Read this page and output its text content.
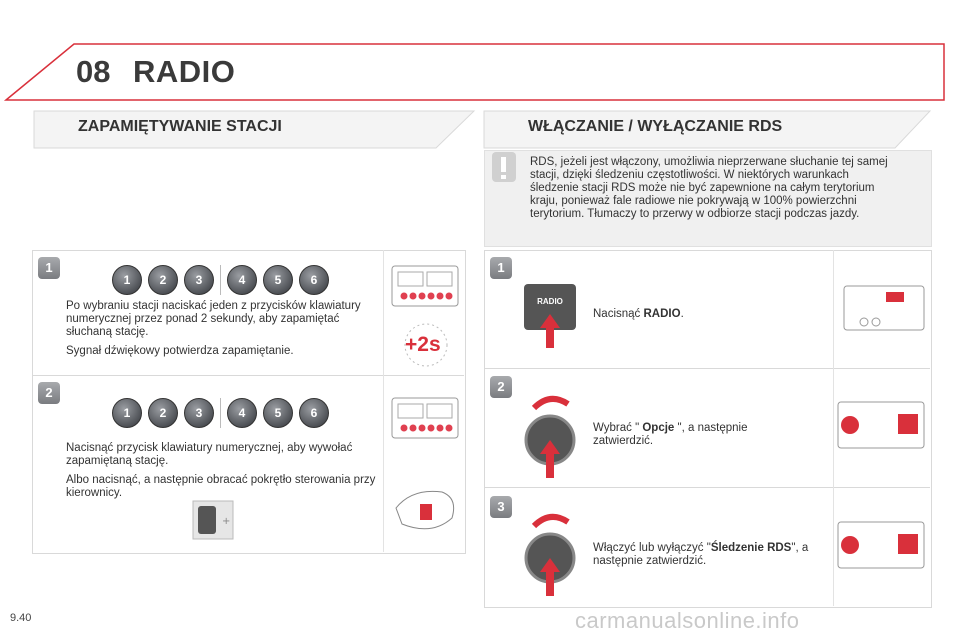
08 RADIO
ZAPAMIĘTYWANIE STACJI	WŁĄCZANIE / WYŁĄCZANIE RDS
1
1	2	3	4	5	6

Po wybraniu stacji naciskać jeden z przycisków klawiatury numerycznej przez ponad 2 sekundy, aby zapamiętać słuchaną stację.

Sygnał dźwiękowy potwierdza zapamiętanie.	+2s
2
1	2	3	4	5	6

Nacisnąć przycisk klawiatury numerycznej, aby wywołać zapamiętaną stację.

Albo nacisnąć, a następnie obracać pokrętło sterowania przy kierownicy.

+
RDS, jeżeli jest włączony, umożliwia nieprzerwane słuchanie tej samej stacji, dzięki śledzeniu częstotliwości. W niektórych warunkach śledzenie stacji RDS może nie być zapewnione na całym terytorium kraju, ponieważ fale radiowe nie pokrywają w 100% powierzchni terytorium. Tłumaczy to przerwy w odbiorze stacji podczas jazdy.
1
RADIO
Nacisnąć RADIO.
2
Wybrać " Opcje ", a następnie zatwierdzić.
3
Włączyć lub wyłączyć "Śledzenie RDS", a następnie zatwierdzić.
9.40	carmanualsonline.info
